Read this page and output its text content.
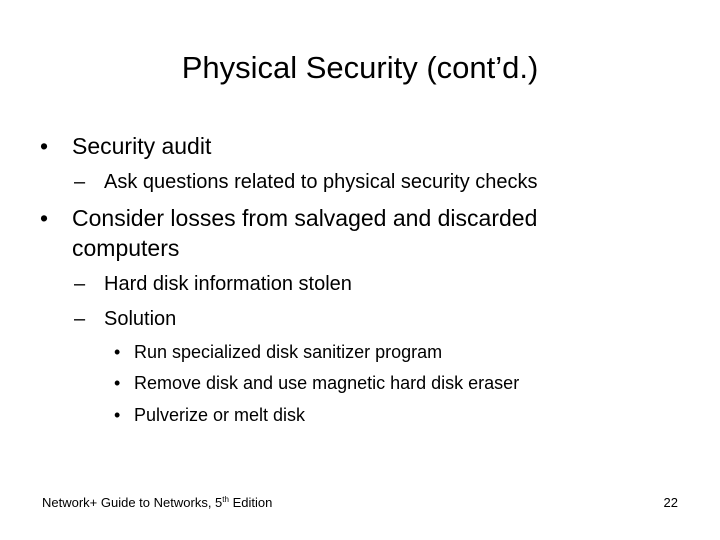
Physical Security (cont’d.)
• Security audit
– Ask questions related to physical security checks
• Consider losses from salvaged and discarded
computers
– Hard disk information stolen
– Solution
• Run specialized disk sanitizer program
• Remove disk and use magnetic hard disk eraser
• Pulverize or melt disk
Network+ Guide to Networks, 5th Edition	22
